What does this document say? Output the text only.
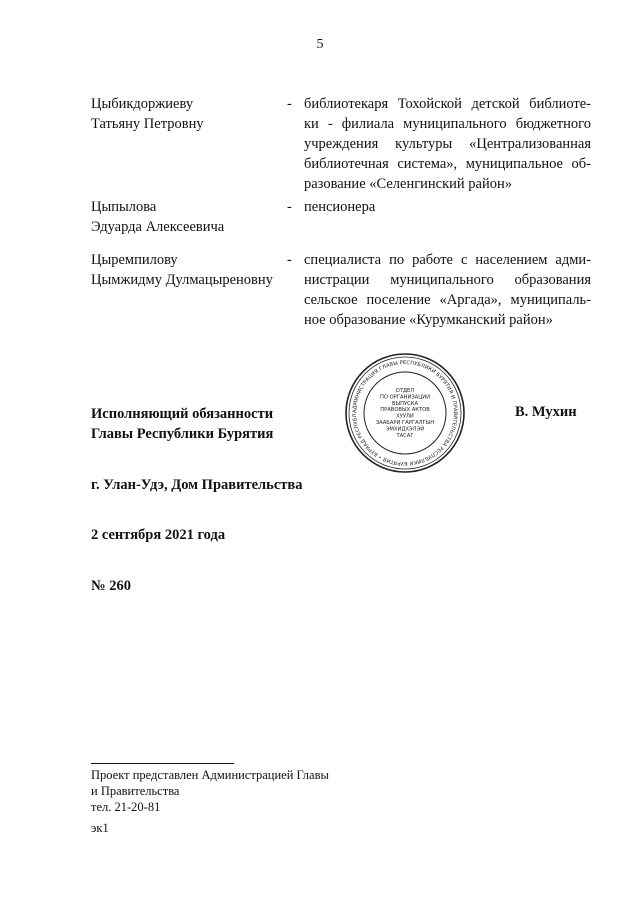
5
Цыбикдоржиеву
Татьяну Петровну
- библиотекаря Тохойской детской библиоте-
ки - филиала муниципального бюджетного
учреждения культуры «Централизованная
библиотечная система», муниципальное об-
разование «Селенгинский район»
Цыпылова
Эдуарда Алексеевича
- пенсионера
Цыремпилову
Цымжидму Дулмацыреновну
- специалиста по работе с населением адми-
нистрации муниципального образования
сельское поселение «Аргада», муниципаль-
ное образование «Курумканский район»
АДМИНИСТРАЦИЯ ГЛАВЫ РЕСПУБЛИКИ БУРЯТИЯ И ПРАВИТЕЛЬСТВА РЕСПУБЛИКИ БУРЯТИЯ • БУРЯАД РЕСПУБЛ
ОТДЕЛ
ПО ОРГАНИЗАЦИИ
ВЫПУСКА
ПРАВОВЫХ АКТОВ
ХУУЛИ
ЗААБАРИ ГАРГАЛГЫН
ЭМХИДХЭЛЭЙ
ТАСАГ
Исполняющий обязанности
Главы Республики Бурятия
В. Мухин
г. Улан-Удэ, Дом Правительства
2 сентября 2021 года
№ 260
Проект представлен Администрацией Главы
и Правительства
тел. 21-20-81
эк1
